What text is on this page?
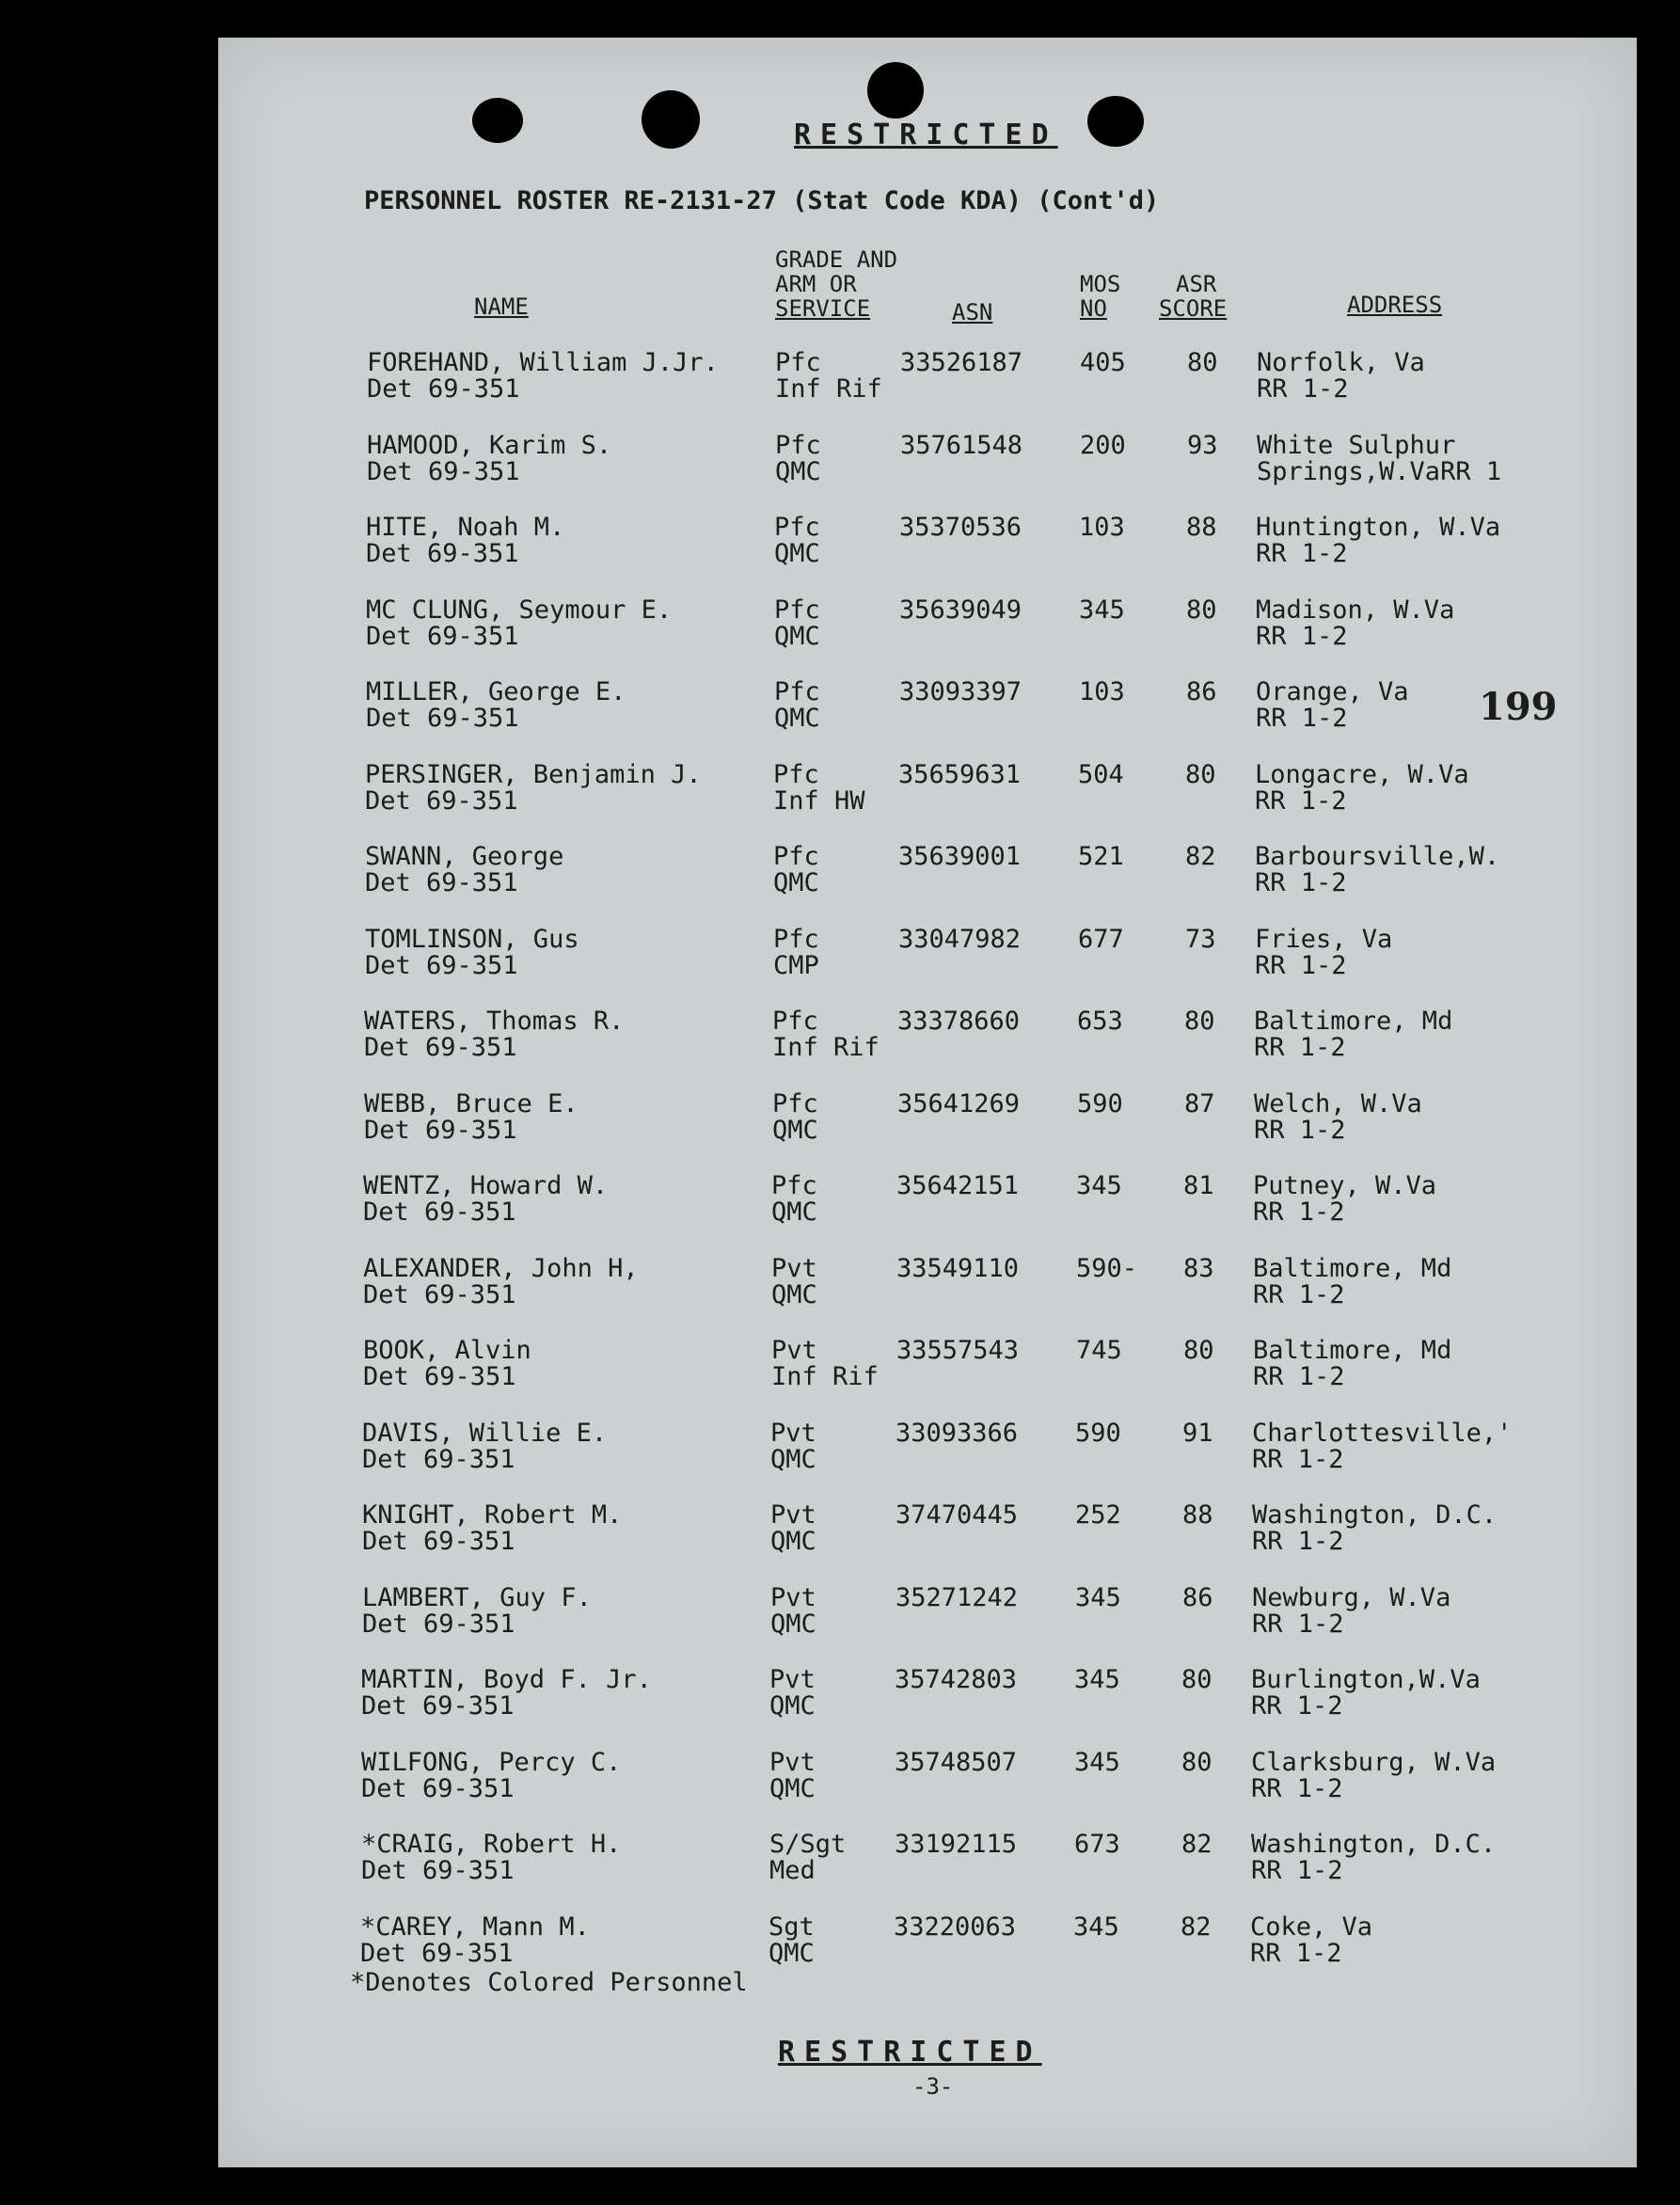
RESTRICTED
PERSONNEL ROSTER RE-2131-27 (Stat Code KDA) (Cont'd)
GRADE AND
ARM OR
SERVICE
NAME	ASN
MOS
NO
ASR
SCORE	ADDRESS
FOREHAND, William J.Jr.
Det 69-351
Pfc
Inf Rif
33526187 405 80 Norfolk, Va
RR 1-2
HAMOOD, Karim S.
Det 69-351
Pfc
QMC
35761548 200 93 White Sulphur
Springs,W.VaRR 1
HITE, Noah M.
Det 69-351
Pfc
QMC
35370536 103 88 Huntington, W.Va
RR 1-2
MC CLUNG, Seymour E.
Det 69-351
Pfc
QMC
35639049 345 80 Madison, W.Va
RR 1-2
MILLER, George E.
Det 69-351
Pfc
QMC
33093397 103 86 Orange, Va
RR 1-2
PERSINGER, Benjamin J.
Det 69-351
Pfc
Inf HW
35659631 504 80 Longacre, W.Va
RR 1-2
SWANN, George
Det 69-351
Pfc
QMC
35639001 521 82 Barboursville,W.
RR 1-2
TOMLINSON, Gus
Det 69-351
Pfc
CMP
33047982 677 73 Fries, Va
RR 1-2
WATERS, Thomas R.
Det 69-351
Pfc
Inf Rif
33378660 653 80 Baltimore, Md
RR 1-2
WEBB, Bruce E.
Det 69-351
Pfc
QMC
35641269 590 87 Welch, W.Va
RR 1-2
WENTZ, Howard W.
Det 69-351
Pfc
QMC
35642151 345 81 Putney, W.Va
RR 1-2
ALEXANDER, John H,
Det 69-351
Pvt
QMC
33549110 590- 83 Baltimore, Md
RR 1-2
BOOK, Alvin
Det 69-351
Pvt
Inf Rif
33557543 745 80 Baltimore, Md
RR 1-2
DAVIS, Willie E.
Det 69-351
Pvt
QMC
33093366 590 91 Charlottesville,'
RR 1-2
KNIGHT, Robert M.
Det 69-351
Pvt
QMC
37470445 252 88 Washington, D.C.
RR 1-2
LAMBERT, Guy F.
Det 69-351
Pvt
QMC
35271242 345 86 Newburg, W.Va
RR 1-2
MARTIN, Boyd F. Jr.
Det 69-351
Pvt
QMC
35742803 345 80 Burlington,W.Va
RR 1-2
WILFONG, Percy C.
Det 69-351
Pvt
QMC
35748507 345 80 Clarksburg, W.Va
RR 1-2
*CRAIG, Robert H.
Det 69-351
S/Sgt
Med
33192115 673 82 Washington, D.C.
RR 1-2
*CAREY, Mann M.
Det 69-351
Sgt
QMC
33220063 345 82 Coke, Va
RR 1-2
199
*Denotes Colored Personnel
RESTRICTED
-3-
